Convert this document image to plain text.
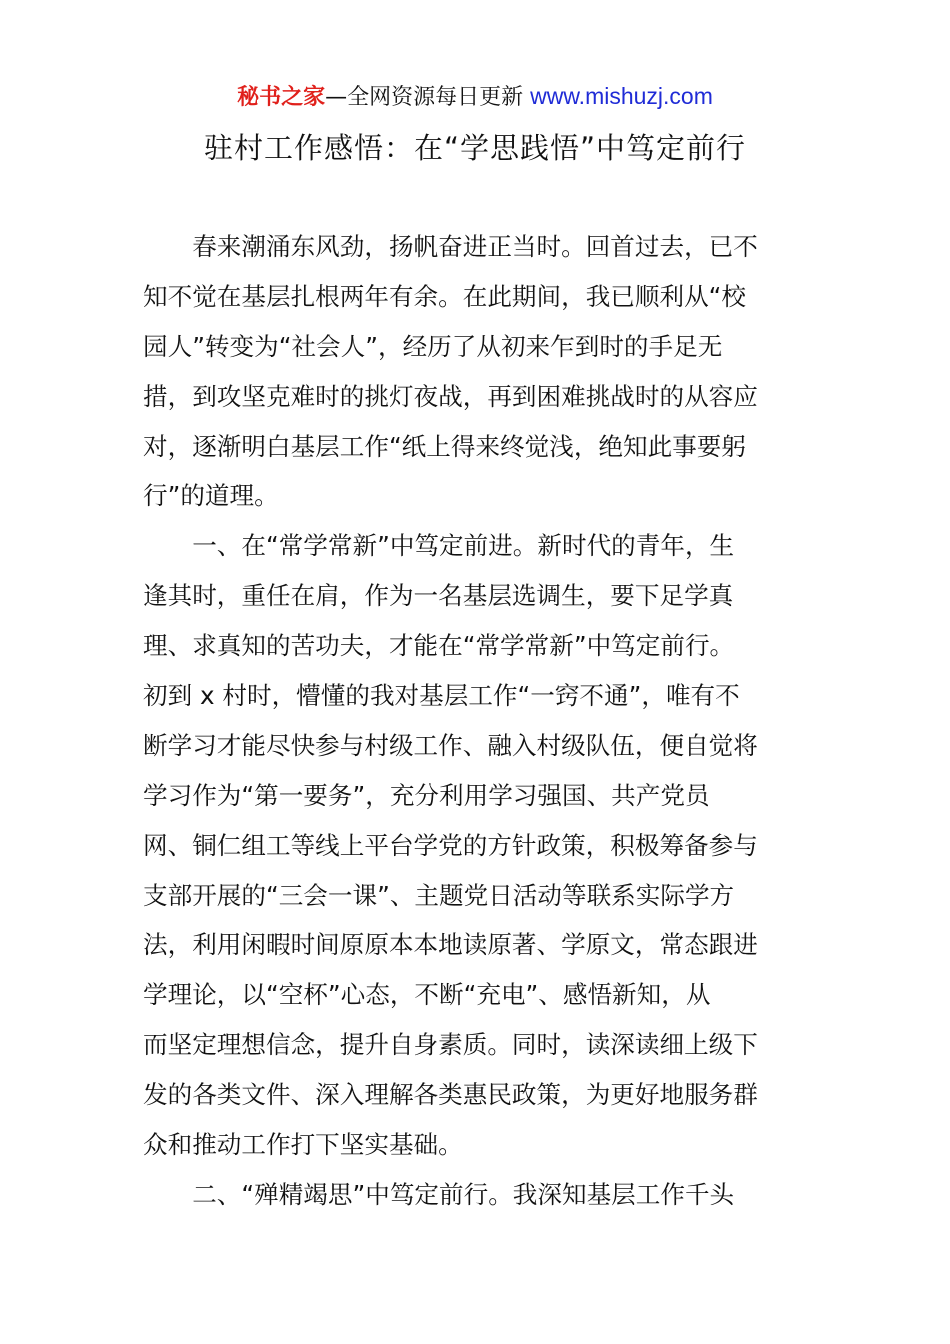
秘书之家—全网资源每日更新 www.mishuzj.com
驻村工作感悟：在“学思践悟”中笃定前行
　　春来潮涌东风劲，扬帆奋进正当时。回首过去，已不
知不觉在基层扎根两年有余。在此期间，我已顺利从“校
园人”转变为“社会人”，经历了从初来乍到时的手足无
措，到攻坚克难时的挑灯夜战，再到困难挑战时的从容应
对，逐渐明白基层工作“纸上得来终觉浅，绝知此事要躬
行”的道理。
　　一、在“常学常新”中笃定前进。新时代的青年，生
逢其时，重任在肩，作为一名基层选调生，要下足学真
理、求真知的苦功夫，才能在“常学常新”中笃定前行。
初到 x 村时，懵懂的我对基层工作“一窍不通”，唯有不
断学习才能尽快参与村级工作、融入村级队伍，便自觉将
学习作为“第一要务”，充分利用学习强国、共产党员
网、铜仁组工等线上平台学党的方针政策，积极筹备参与
支部开展的“三会一课”、主题党日活动等联系实际学方
法，利用闲暇时间原原本本地读原著、学原文，常态跟进
学理论，以“空杯”心态，不断“充电”、感悟新知，从
而坚定理想信念，提升自身素质。同时，读深读细上级下
发的各类文件、深入理解各类惠民政策，为更好地服务群
众和推动工作打下坚实基础。
　　二、“殚精竭思”中笃定前行。我深知基层工作千头
